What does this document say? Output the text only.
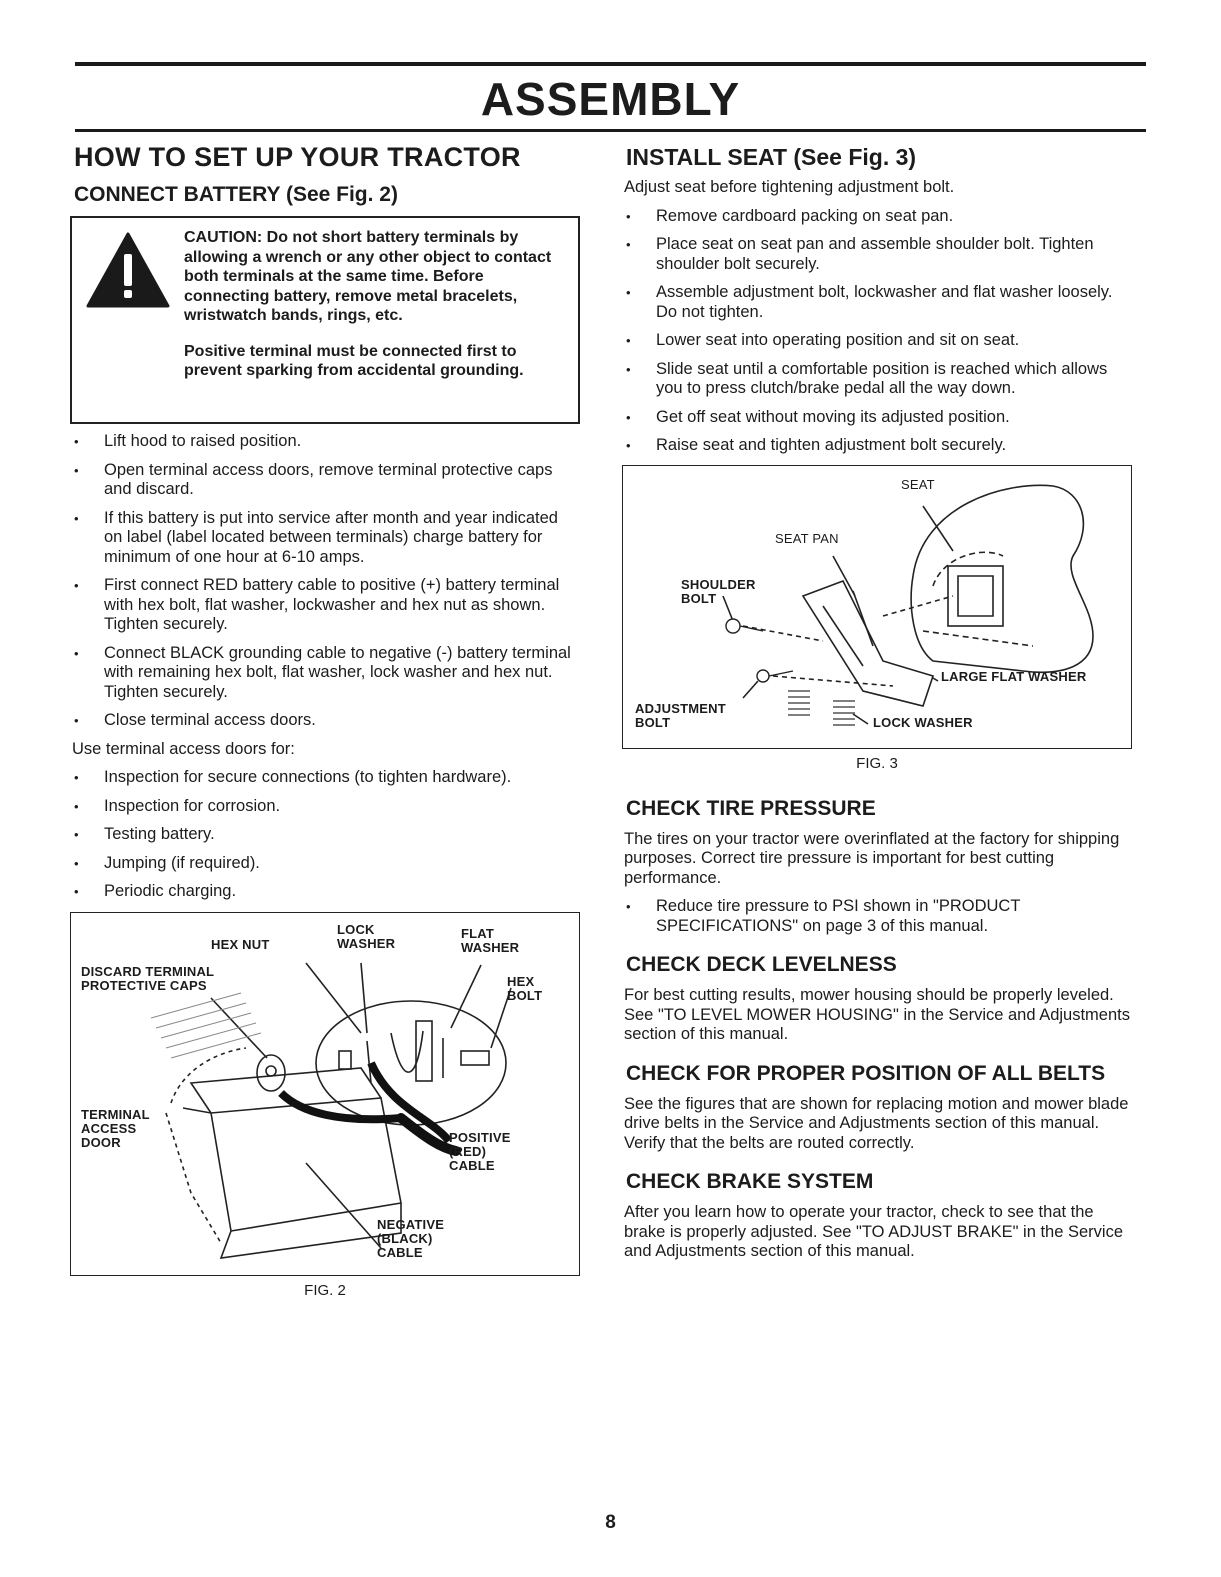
ASSEMBLY
HOW TO SET UP YOUR TRACTOR
CONNECT BATTERY (See Fig. 2)

CAUTION: Do not short battery terminals by allowing a wrench or any other object to contact both terminals at the same time. Before connecting battery, remove metal bracelets, wristwatch bands, rings, etc.

Positive terminal must be connected first to prevent sparking from accidental grounding.

• Lift hood to raised position.
• Open terminal access doors, remove terminal protective caps and discard.
• If this battery is put into service after month and year indicated on label (label located between terminals) charge battery for minimum of one hour at 6-10 amps.
• First connect RED battery cable to positive (+) battery terminal with hex bolt, flat washer, lockwasher and hex nut as shown. Tighten securely.
• Connect BLACK grounding cable to negative (-) battery terminal with remaining hex bolt, flat washer, lock washer and hex nut. Tighten securely.
• Close terminal access doors.

Use terminal access doors for:

• Inspection for secure connections (to tighten hardware).
• Inspection for corrosion.
• Testing battery.
• Jumping (if required).
• Periodic charging.
HEX NUT
LOCK
WASHER
FLAT
WASHER
DISCARD TERMINAL
PROTECTIVE CAPS	HEX
BOLT
TERMINAL
ACCESS
DOOR	POSITIVE
(RED)
CABLE
NEGATIVE
(BLACK)
CABLE
FIG. 2
INSTALL SEAT (See Fig. 3)

Adjust seat before tightening adjustment bolt.

• Remove cardboard packing on seat pan.
• Place seat on seat pan and assemble shoulder bolt. Tighten shoulder bolt securely.
• Assemble adjustment bolt, lockwasher and flat washer loosely. Do not tighten.
• Lower seat into operating position and sit on seat.
• Slide seat until a comfortable position is reached which allows you to press clutch/brake pedal all the way down.
• Get off seat without moving its adjusted position.
• Raise seat and tighten adjustment bolt securely.
SEAT
SEAT PAN
SHOULDER
BOLT
LARGE FLAT WASHER
ADJUSTMENT
BOLT	LOCK WASHER
FIG. 3
CHECK TIRE PRESSURE

The tires on your tractor were overinflated at the factory for shipping purposes. Correct tire pressure is important for best cutting performance.

• Reduce tire pressure to PSI shown in "PRODUCT SPECIFICATIONS" on page 3 of this manual.
CHECK DECK LEVELNESS

For best cutting results, mower housing should be properly leveled. See "TO LEVEL MOWER HOUSING" in the Service and Adjustments section of this manual.

CHECK FOR PROPER POSITION OF ALL BELTS

See the figures that are shown for replacing motion and mower blade drive belts in the Service and Adjustments section of this manual. Verify that the belts are routed correctly.

CHECK BRAKE SYSTEM

After you learn how to operate your tractor, check to see that the brake is properly adjusted. See "TO ADJUST BRAKE" in the Service and Adjustments section of this manual.

8
